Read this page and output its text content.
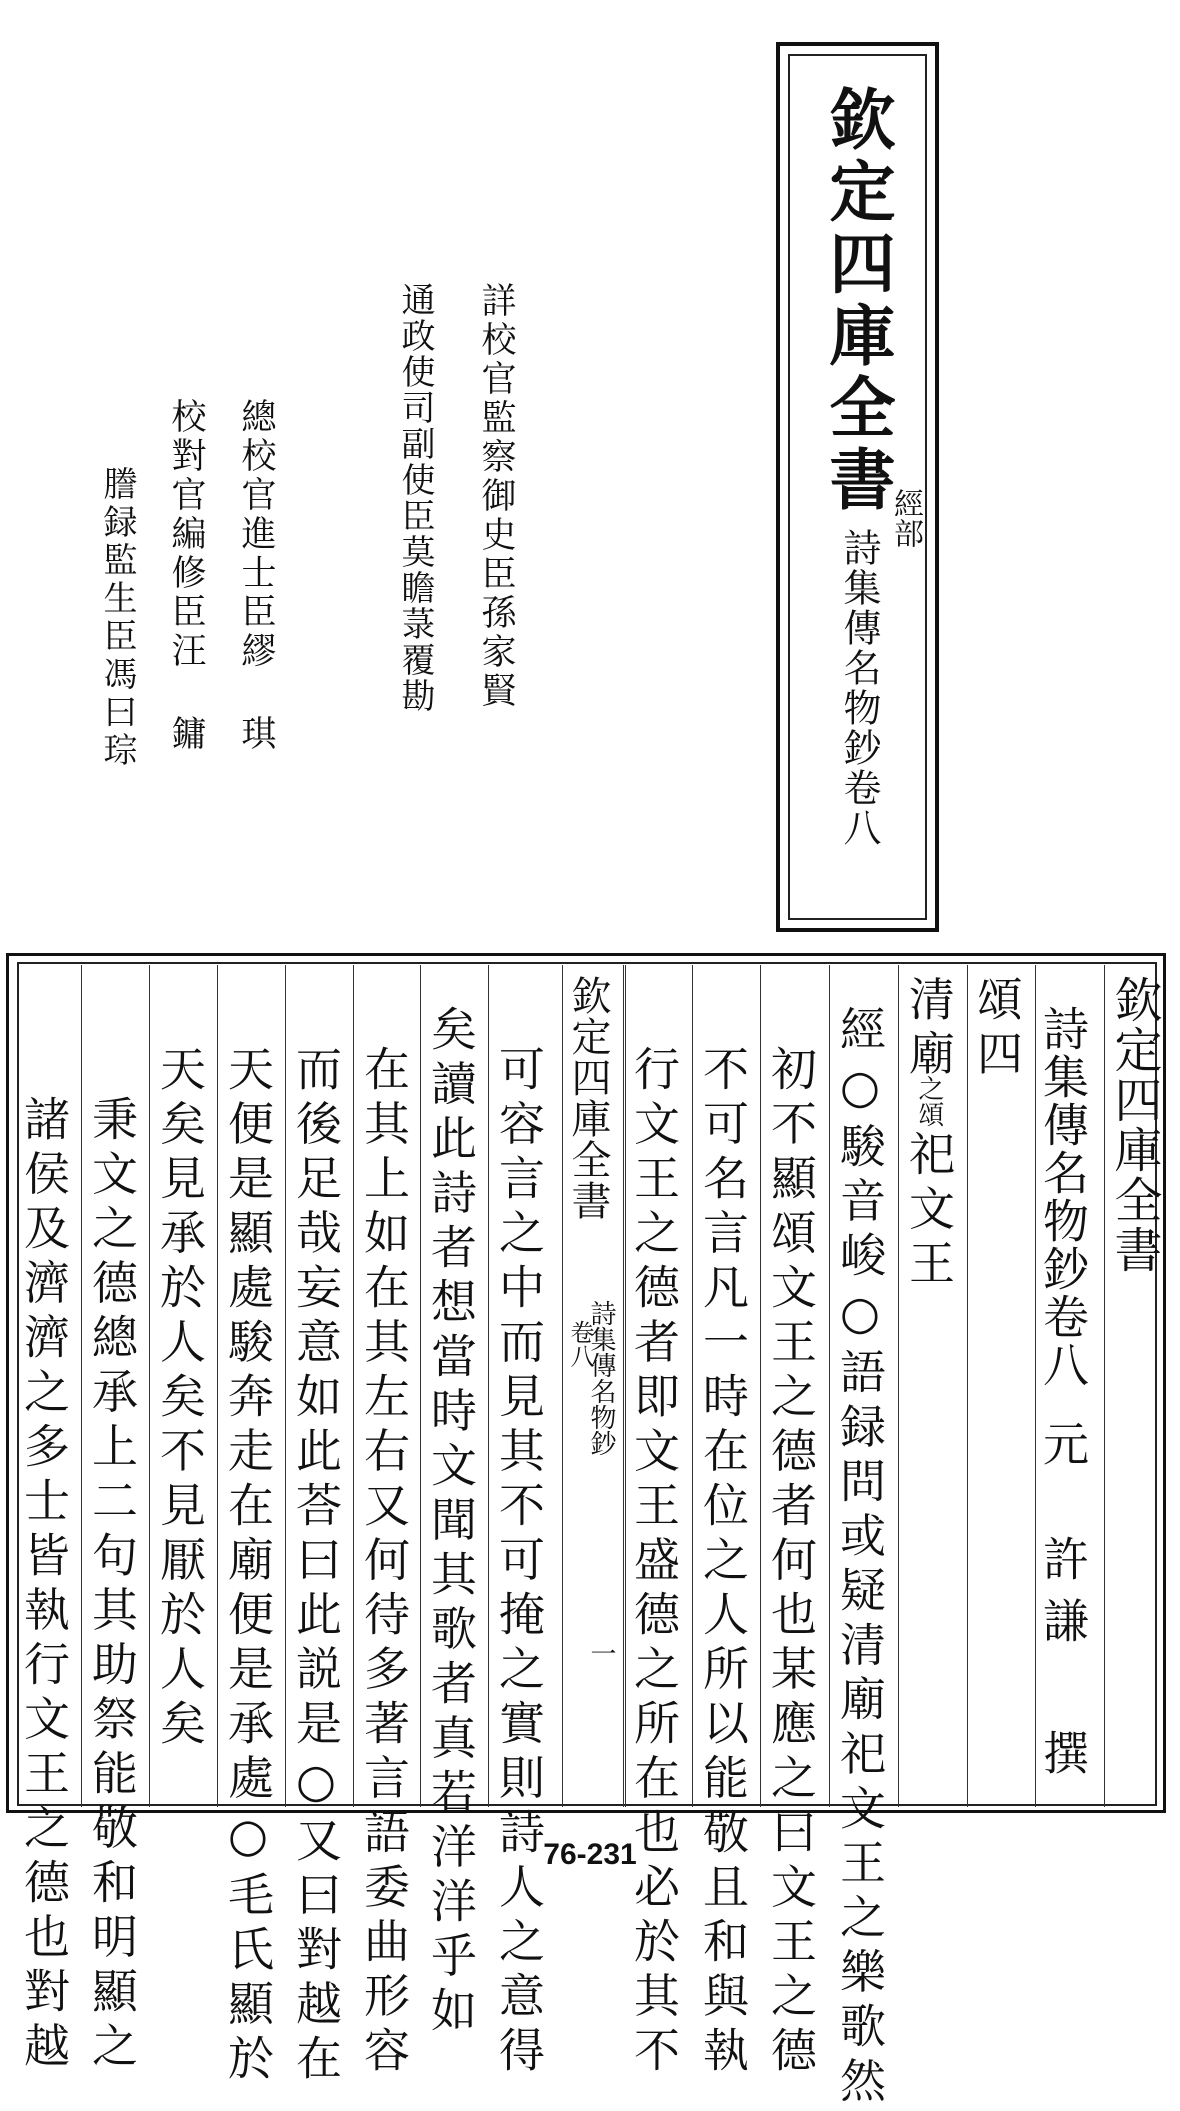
欽定四庫全書
經部
詩集傳名物鈔卷八
詳校官監察御史臣孫家賢
通政使司副使臣莫瞻菉覆勘
總校官進士臣繆 琪
校對官編修臣汪 鏞
謄録監生臣馮曰琮
欽定四庫全書
詩集傳名物鈔卷八
元
許謙 撰
頌四
清廟
之頌
祀文王
經○駿音峻○語録問或疑清廟祀文王之樂歌然
初不顯頌文王之德者何也某應之曰文王之德
不可名言凡一時在位之人所以能敬且和與執
行文王之德者即文王盛德之所在也必於其不
欽定四庫全書
詩集傳名物鈔
卷八
一
可容言之中而見其不可掩之實則詩人之意得
矣讀此詩者想當時文聞其歌者真若洋洋乎如
在其上如在其左右又何待多著言語委曲形容
而後足哉妄意如此荅曰此説是○又曰對越在
天便是顯處駿奔走在廟便是承處○毛氏顯於
天矣見承於人矣不見厭於人矣
秉文之德總承上二句其助祭能敬和明顯之
諸侯及濟濟之多士皆執行文王之德也對越	76-231
